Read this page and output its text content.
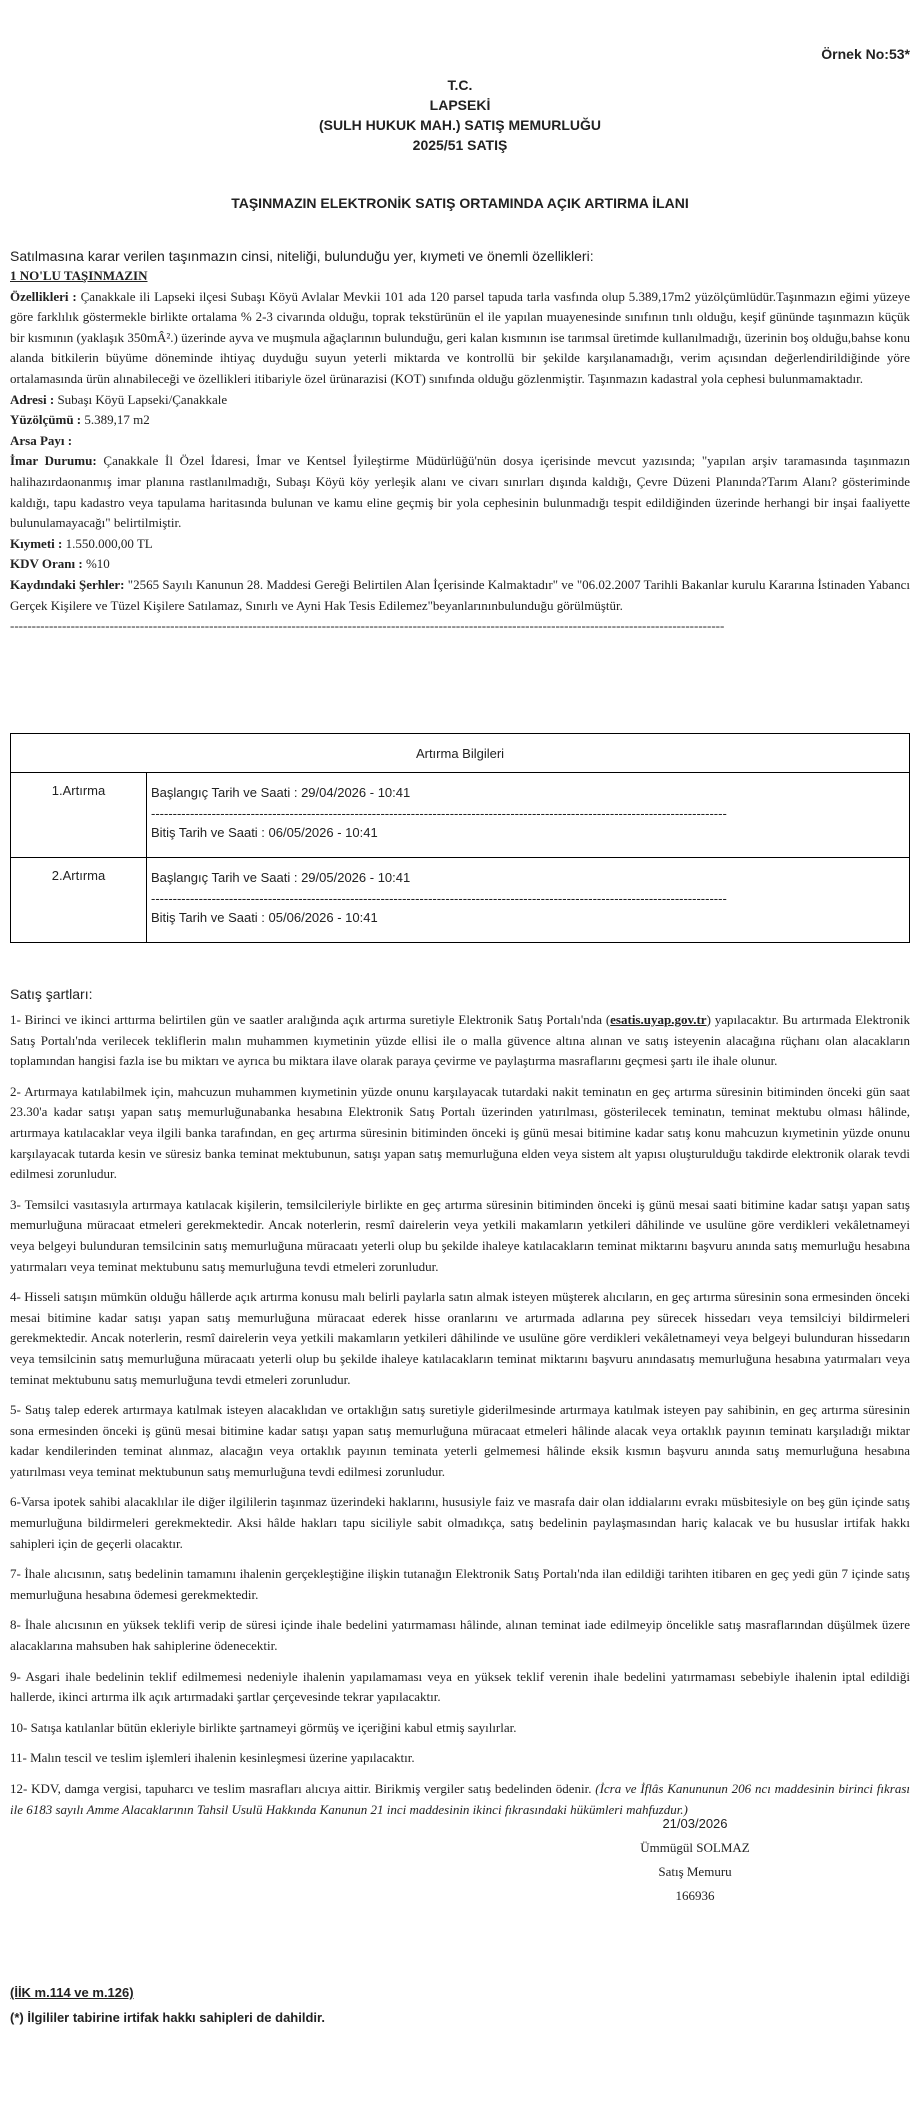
Örnek No:53*
T.C.
LAPSEKİ
(SULH HUKUK MAH.) SATIŞ MEMURLUĞU
2025/51 SATIŞ
TAŞINMAZIN ELEKTRONİK SATIŞ ORTAMINDA AÇIK ARTIRMA İLANI
Satılmasına karar verilen taşınmazın cinsi, niteliği, bulunduğu yer, kıymeti ve önemli özellikleri:

1 NO'LU TAŞINMAZIN

Özellikleri : Çanakkale ili Lapseki ilçesi Subaşı Köyü Avlalar Mevkii 101 ada 120 parsel tapuda tarla vasfında olup 5.389,17m2 yüzölçümlüdür.Taşınmazın eğimi yüzeye göre farklılık göstermekle birlikte ortalama % 2-3 civarında olduğu, toprak tekstürünün el ile yapılan muayenesinde sınıfının tınlı olduğu, keşif gününde taşınmazın küçük bir kısmının (yaklaşık 350mÂ².) üzerinde ayva ve muşmula ağaçlarının bulunduğu, geri kalan kısmının ise tarımsal üretimde kullanılmadığı, üzerinin boş olduğu,bahse konu alanda bitkilerin büyüme döneminde ihtiyaç duyduğu suyun yeterli miktarda ve kontrollü bir şekilde karşılanamadığı, verim açısından değerlendirildiğinde yöre ortalamasında ürün alınabileceği ve özellikleri itibariyle özel ürünarazisi (KOT) sınıfında olduğu gözlenmiştir. Taşınmazın kadastral yola cephesi bulunmamaktadır.

Adresi : Subaşı Köyü Lapseki/Çanakkale

Yüzölçümü : 5.389,17 m2

Arsa Payı :

İmar Durumu: Çanakkale İl Özel İdaresi, İmar ve Kentsel İyileştirme Müdürlüğü'nün dosya içerisinde mevcut yazısında; "yapılan arşiv taramasında taşınmazın halihazırdaonanmış imar planına rastlanılmadığı, Subaşı Köyü köy yerleşik alanı ve civarı sınırları dışında kaldığı, Çevre Düzeni Planında?Tarım Alanı? gösteriminde kaldığı, tapu kadastro veya tapulama haritasında bulunan ve kamu eline geçmiş bir yola cephesinin bulunmadığı tespit edildiğinden üzerinde herhangi bir inşai faaliyette bulunulamayacağı" belirtilmiştir.

Kıymeti : 1.550.000,00 TL

KDV Oranı : %10

Kaydındaki Şerhler: "2565 Sayılı Kanunun 28. Maddesi Gereği Belirtilen Alan İçerisinde Kalmaktadır" ve "06.02.2007 Tarihli Bakanlar kurulu Kararına İstinaden Yabancı Gerçek Kişilere ve Tüzel Kişilere Satılamaz, Sınırlı ve Ayni Hak Tesis Edilemez"beyanlarınınbulunduğu görülmüştür.

---------------------------------------------------------------------------------------------------------------------------------------------------------------------
Artırma Bilgileri	
1.Artırma	Başlangıç Tarih ve Saati : 29/04/2026 - 10:41
-------------------------------------------------------------------------------------------------------------------------------------
Bitiş Tarih ve Saati : 06/05/2026 - 10:41

2.Artırma	Başlangıç Tarih ve Saati : 29/05/2026 - 10:41
-------------------------------------------------------------------------------------------------------------------------------------
Bitiş Tarih ve Saati : 05/06/2026 - 10:41
Satış şartları:

1- Birinci ve ikinci arttırma belirtilen gün ve saatler aralığında açık artırma suretiyle Elektronik Satış Portalı'nda (esatis.uyap.gov.tr) yapılacaktır. Bu artırmada Elektronik Satış Portalı'nda verilecek tekliflerin malın muhammen kıymetinin yüzde ellisi ile o malla güvence altına alınan ve satış isteyenin alacağına rüçhanı olan alacakların toplamından hangisi fazla ise bu miktarı ve ayrıca bu miktara ilave olarak paraya çevirme ve paylaştırma masraflarını geçmesi şartı ile ihale olunur.

2- Artırmaya katılabilmek için, mahcuzun muhammen kıymetinin yüzde onunu karşılayacak tutardaki nakit teminatın en geç artırma süresinin bitiminden önceki gün saat 23.30'a kadar satışı yapan satış memurluğunabanka hesabına Elektronik Satış Portalı üzerinden yatırılması, gösterilecek teminatın, teminat mektubu olması hâlinde, artırmaya katılacaklar veya ilgili banka tarafından, en geç artırma süresinin bitiminden önceki iş günü mesai bitimine kadar satış konu mahcuzun kıymetinin yüzde onunu karşılayacak tutarda kesin ve süresiz banka teminat mektubunun, satışı yapan satış memurluğuna elden veya sistem alt yapısı oluşturulduğu takdirde elektronik olarak tevdi edilmesi zorunludur.

3- Temsilci vasıtasıyla artırmaya katılacak kişilerin, temsilcileriyle birlikte en geç artırma süresinin bitiminden önceki iş günü mesai saati bitimine kadar satışı yapan satış memurluğuna müracaat etmeleri gerekmektedir. Ancak noterlerin, resmî dairelerin veya yetkili makamların yetkileri dâhilinde ve usulüne göre verdikleri vekâletnameyi veya belgeyi bulunduran temsilcinin satış memurluğuna müracaatı yeterli olup bu şekilde ihaleye katılacakların teminat miktarını başvuru anında satış memurluğu hesabına yatırmaları veya teminat mektubunu satış memurluğuna tevdi etmeleri zorunludur.

4- Hisseli satışın mümkün olduğu hâllerde açık artırma konusu malı belirli paylarla satın almak isteyen müşterek alıcıların, en geç artırma süresinin sona ermesinden önceki mesai bitimine kadar satışı yapan satış memurluğuna müracaat ederek hisse oranlarını ve artırmada adlarına pey sürecek hissedarı veya temsilciyi bildirmeleri gerekmektedir. Ancak noterlerin, resmî dairelerin veya yetkili makamların yetkileri dâhilinde ve usulüne göre verdikleri vekâletnameyi veya belgeyi bulunduran hissedarın veya temsilcinin satış memurluğuna müracaatı yeterli olup bu şekilde ihaleye katılacakların teminat miktarını başvuru anındasatış memurluğuna hesabına yatırmaları veya teminat mektubunu satış memurluğuna tevdi etmeleri zorunludur.

5- Satış talep ederek artırmaya katılmak isteyen alacaklıdan ve ortaklığın satış suretiyle giderilmesinde artırmaya katılmak isteyen pay sahibinin, en geç artırma süresinin sona ermesinden önceki iş günü mesai bitimine kadar satışı yapan satış memurluğuna müracaat etmeleri hâlinde alacak veya ortaklık payının teminatı karşıladığı miktar kadar kendilerinden teminat alınmaz, alacağın veya ortaklık payının teminata yeterli gelmemesi hâlinde eksik kısmın başvuru anında satış memurluğuna hesabına yatırılması veya teminat mektubunun satış memurluğuna tevdi edilmesi zorunludur.

6-Varsa ipotek sahibi alacaklılar ile diğer ilgililerin taşınmaz üzerindeki haklarını, hususiyle faiz ve masrafa dair olan iddialarını evrakı müsbitesiyle on beş gün içinde satış memurluğuna bildirmeleri gerekmektedir. Aksi hâlde hakları tapu siciliyle sabit olmadıkça, satış bedelinin paylaşmasından hariç kalacak ve bu hususlar irtifak hakkı sahipleri için de geçerli olacaktır.

7- İhale alıcısının, satış bedelinin tamamını ihalenin gerçekleştiğine ilişkin tutanağın Elektronik Satış Portalı'nda ilan edildiği tarihten itibaren en geç yedi gün 7 içinde satış memurluğuna hesabına ödemesi gerekmektedir.

8- İhale alıcısının en yüksek teklifi verip de süresi içinde ihale bedelini yatırmaması hâlinde, alınan teminat iade edilmeyip öncelikle satış masraflarından düşülmek üzere alacaklarına mahsuben hak sahiplerine ödenecektir.

9- Asgari ihale bedelinin teklif edilmemesi nedeniyle ihalenin yapılamaması veya en yüksek teklif verenin ihale bedelini yatırmaması sebebiyle ihalenin iptal edildiği hallerde, ikinci artırma ilk açık artırmadaki şartlar çerçevesinde tekrar yapılacaktır.

10- Satışa katılanlar bütün ekleriyle birlikte şartnameyi görmüş ve içeriğini kabul etmiş sayılırlar.

11- Malın tescil ve teslim işlemleri ihalenin kesinleşmesi üzerine yapılacaktır.

12- KDV, damga vergisi, tapuharcı ve teslim masrafları alıcıya aittir. Birikmiş vergiler satış bedelinden ödenir. (İcra ve İflâs Kanununun 206 ncı maddesinin birinci fıkrası ile 6183 sayılı Amme Alacaklarının Tahsil Usulü Hakkında Kanunun 21 inci maddesinin ikinci fıkrasındaki hükümleri mahfuzdur.)

21/03/2026
Ümmügül SOLMAZ
Satış Memuru
166936
(İİK m.114 ve m.126)
(*) İlgililer tabirine irtifak hakkı sahipleri de dahildir.
